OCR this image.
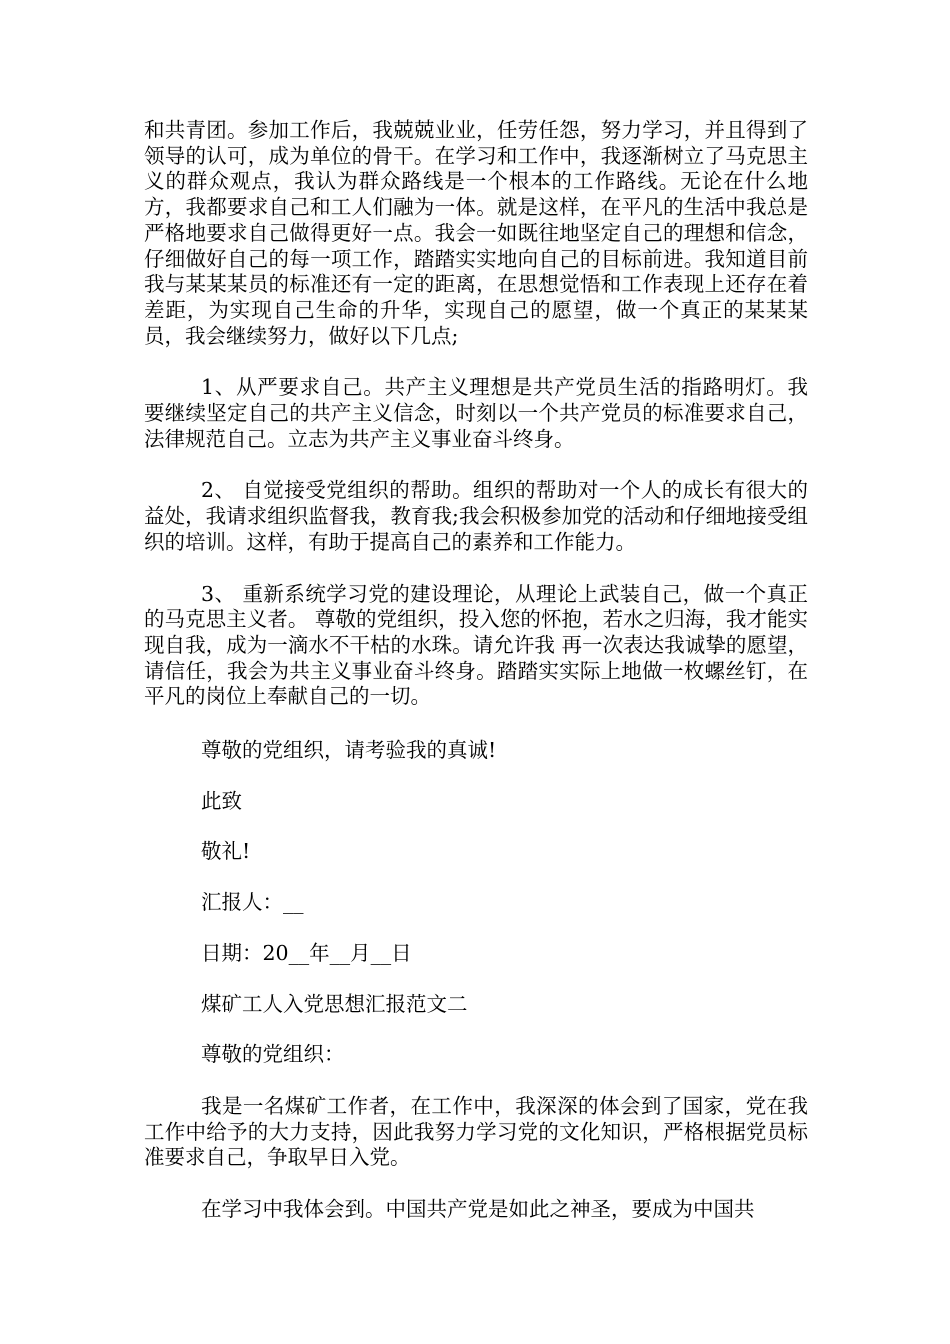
和共青团。参加工作后，我兢兢业业，任劳任怨，努力学习，并且得到了领导的认可，成为单位的骨干。在学习和工作中，我逐渐树立了马克思主义的群众观点，我认为群众路线是一个根本的工作路线。无论在什么地方，我都要求自己和工人们融为一体。就是这样，在平凡的生活中我总是严格地要求自己做得更好一点。我会一如既往地坚定自己的理想和信念，仔细做好自己的每一项工作，踏踏实实地向自己的目标前进。我知道目前我与某某某员的标准还有一定的距离，在思想觉悟和工作表现上还存在着差距，为实现自己生命的升华，实现自己的愿望，做一个真正的某某某员，我会继续努力，做好以下几点;

1、从严要求自己。共产主义理想是共产党员生活的指路明灯。我要继续坚定自己的共产主义信念，时刻以一个共产党员的标准要求自己，法律规范自己。立志为共产主义事业奋斗终身。

2、 自觉接受党组织的帮助。组织的帮助对一个人的成长有很大的益处，我请求组织监督我，教育我;我会积极参加党的活动和仔细地接受组织的培训。这样，有助于提高自己的素养和工作能力。

3、 重新系统学习党的建设理论，从理论上武装自己，做一个真正的马克思主义者。 尊敬的党组织，投入您的怀抱，若水之归海，我才能实现自我，成为一滴水不干枯的水珠。请允许我 再一次表达我诚挚的愿望，请信任，我会为共主义事业奋斗终身。踏踏实实际上地做一枚螺丝钉，在平凡的岗位上奉献自己的一切。

尊敬的党组织，请考验我的真诚!

此致

敬礼!

汇报人：__

日期：20__年__月__日

煤矿工人入党思想汇报范文二

尊敬的党组织：

我是一名煤矿工作者，在工作中，我深深的体会到了国家，党在我工作中给予的大力支持，因此我努力学习党的文化知识，严格根据党员标准要求自己，争取早日入党。

在学习中我体会到。中国共产党是如此之神圣，要成为中国共
